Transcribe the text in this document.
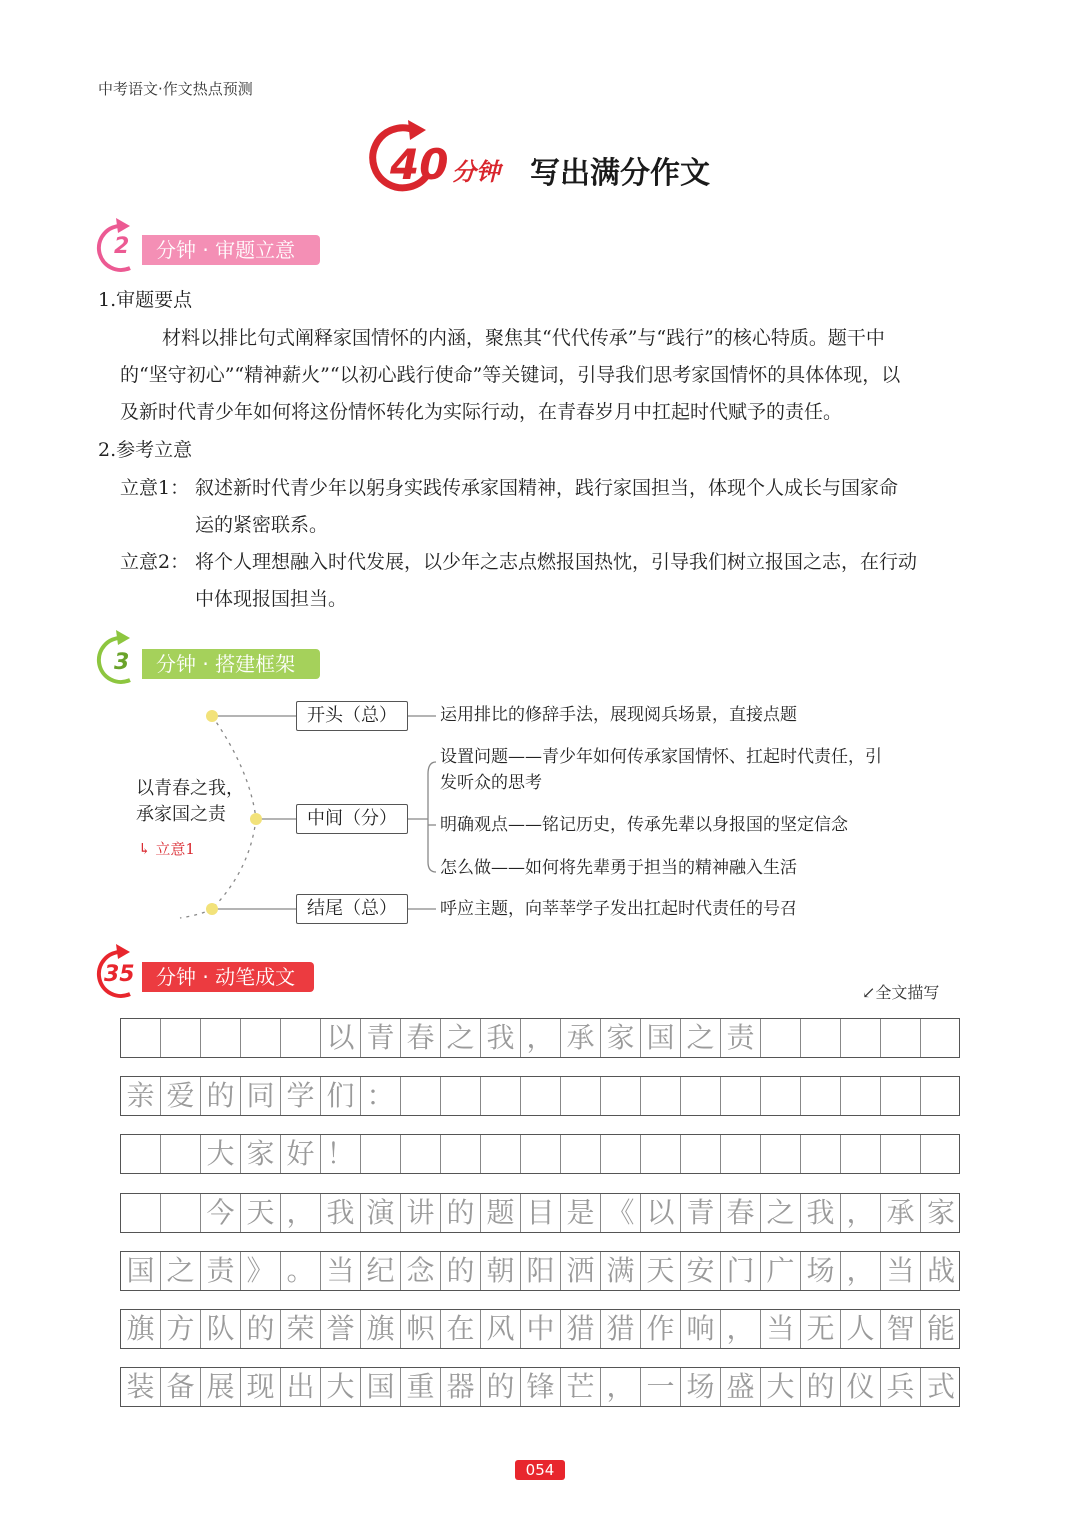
中考语文·作文热点预测
40 分钟 写出满分作文
2	分钟 · 审题立意
1.审题要点
材料以排比句式阐释家国情怀的内涵，聚焦其“代代传承”与“践行”的核心特质。题干中
的“坚守初心”“精神薪火”“以初心践行使命”等关键词，引导我们思考家国情怀的具体体现，以
及新时代青少年如何将这份情怀转化为实际行动，在青春岁月中扛起时代赋予的责任。
2.参考立意
立意1： 叙述新时代青少年以躬身实践传承家国精神，践行家国担当，体现个人成长与国家命
运的紧密联系。
立意2： 将个人理想融入时代发展，以少年之志点燃报国热忱，引导我们树立报国之志，在行动
中体现报国担当。
3	分钟 · 搭建框架
以青春之我，
承家国之责
↳ 立意1
开头（总）	运用排比的修辞手法，展现阅兵场景，直接点题
中间（分）
设置问题——青少年如何传承家国情怀、扛起时代责任，引
发听众的思考
明确观点——铭记历史，传承先辈以身报国的坚定信念
怎么做——如何将先辈勇于担当的精神融入生活
结尾（总）	呼应主题，向莘莘学子发出扛起时代责任的号召
35	分钟 · 动笔成文
↙全文描写
以 青 春 之 我 ， 承 家 国 之 责
亲 爱 的 同 学 们 ：
大 家 好 ！
今 天 ， 我 演 讲 的 题 目 是 《 以 青 春 之 我 ， 承 家
国 之 责 》 。 当 纪 念 的 朝 阳 洒 满 天 安 门 广 场 ， 当 战
旗 方 队 的 荣 誉 旗 帜 在 风 中 猎 猎 作 响 ， 当 无 人 智 能
装 备 展 现 出 大 国 重 器 的 锋 芒 ， 一 场 盛 大 的 仪 兵 式
054
